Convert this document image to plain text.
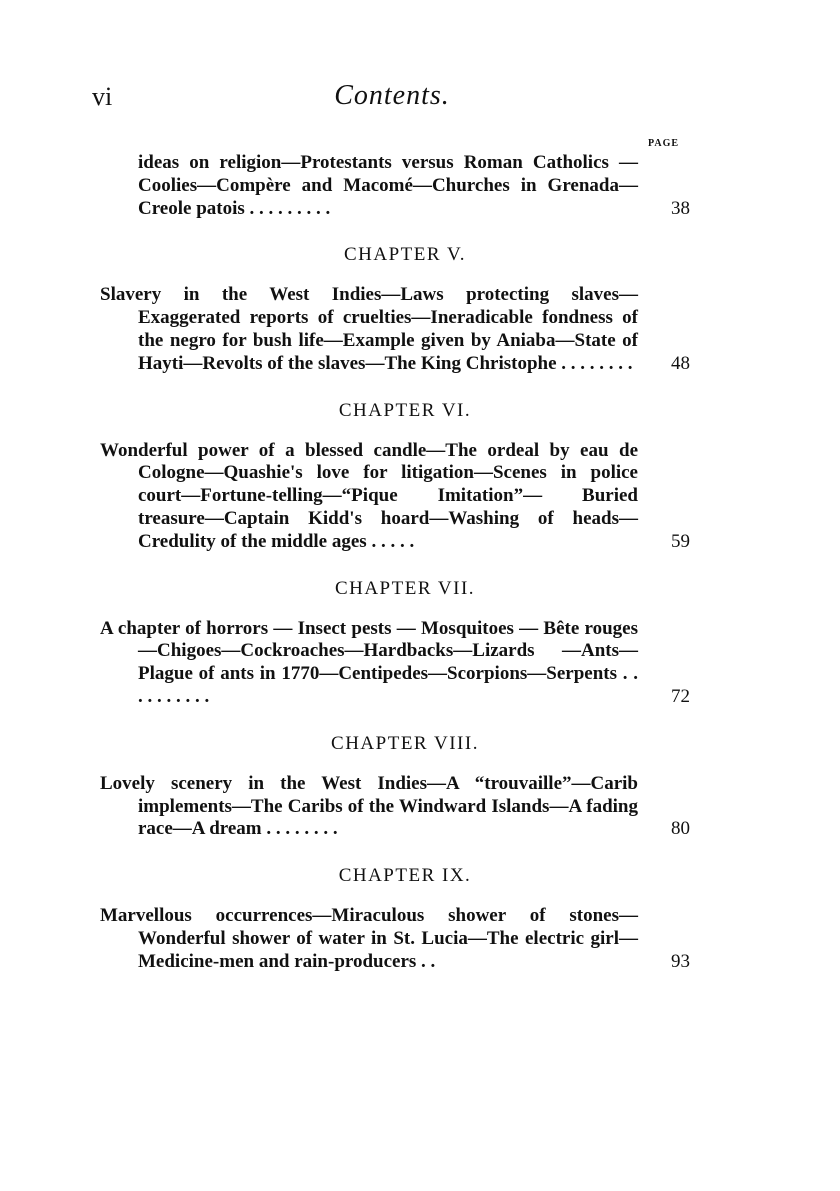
vi	Contents.
PAGE
ideas on religion—Protestants versus Roman Catholics —Coolies—Compère and Macomé—Churches in Grenada—Creole patois . . . . . . . . .	38
CHAPTER V.
Slavery in the West Indies—Laws protecting slaves— Exaggerated reports of cruelties—Ineradicable fondness of the negro for bush life—Example given by Aniaba—State of Hayti—Revolts of the slaves—The King Christophe . . . . . . . . 48
CHAPTER VI.
Wonderful power of a blessed candle—The ordeal by eau de Cologne—Quashie's love for litigation—Scenes in police court—Fortune-telling—“Pique Imitation”— Buried treasure—Captain Kidd's hoard—Washing of heads—Credulity of the middle ages . . . . .	59
CHAPTER VII.
A chapter of horrors — Insect pests — Mosquitoes — Bête rouges—Chigoes—Cockroaches—Hardbacks—Lizards —Ants—Plague of ants in 1770—Centipedes—Scorpions—Serpents . . . . . . . . . .	72
CHAPTER VIII.
Lovely scenery in the West Indies—A “trouvaille”—Carib implements—The Caribs of the Windward Islands—A fading race—A dream . . . . . . . .	80
CHAPTER IX.
Marvellous occurrences—Miraculous shower of stones— Wonderful shower of water in St. Lucia—The electric girl—Medicine-men and rain-producers . .	93
